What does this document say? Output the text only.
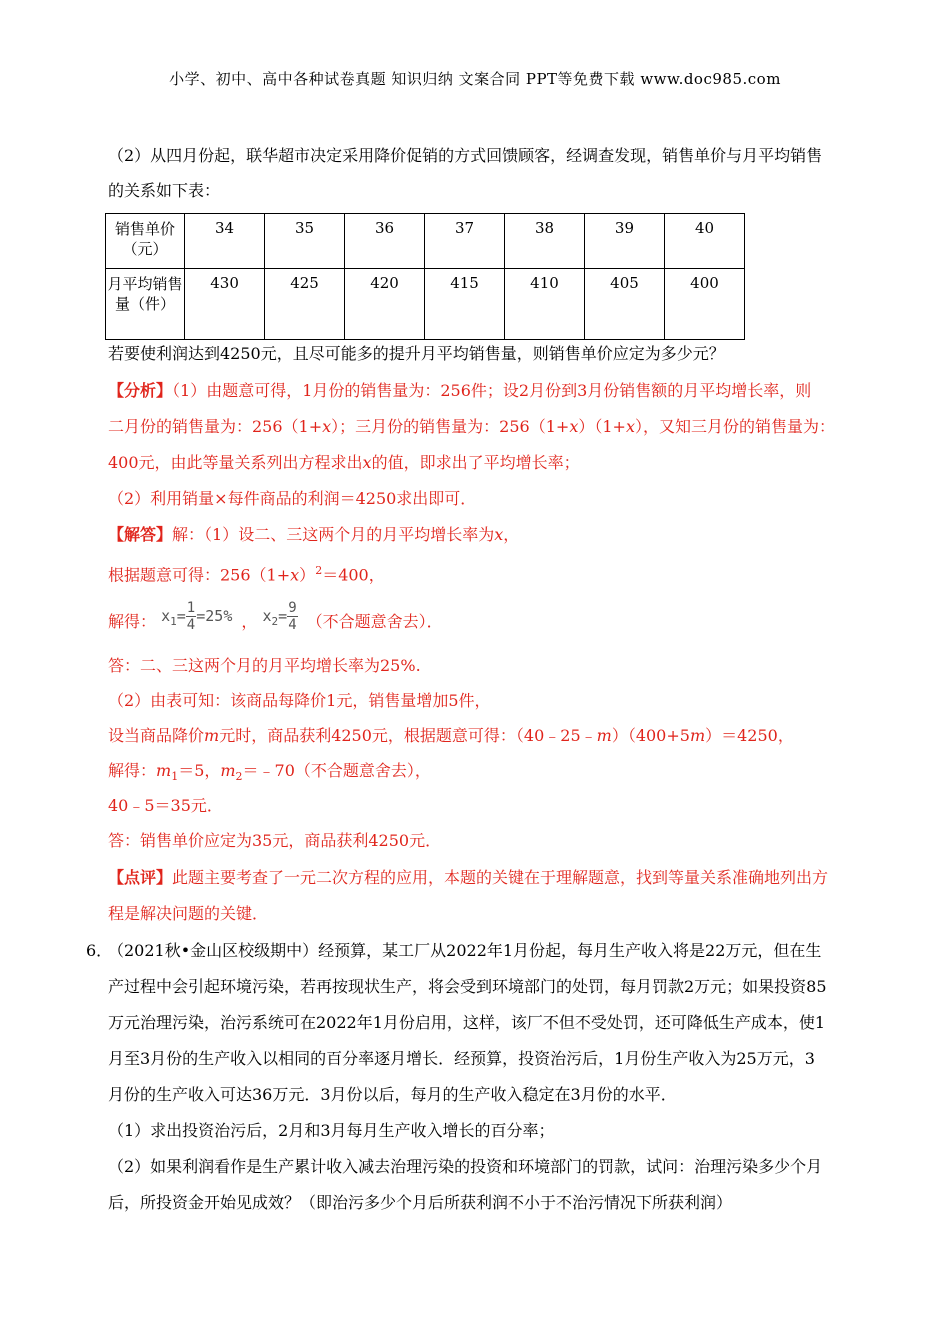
小学、初中、高中各种试卷真题 知识归纳 文案合同 PPT等免费下载 www.doc985.com
（2）从四月份起，联华超市决定采用降价促销的方式回馈顾客，经调查发现，销售单价与月平均销售
的关系如下表：
销售单价（元）	34	35	36	37	38	39	40
月平均销售量（件）	430	425	420	415	410	405	400
若要使利润达到4250元，且尽可能多的提升月平均销售量，则销售单价应定为多少元？
【分析】（1）由题意可得，1月份的销售量为：256件；设2月份到3月份销售额的月平均增长率，则
二月份的销售量为：256（1+x）；三月份的销售量为：256（1+x）（1+x），又知三月份的销售量为：
400元，由此等量关系列出方程求出x的值，即求出了平均增长率；
（2）利用销量×每件商品的利润＝4250求出即可．
【解答】解：（1）设二、三这两个月的月平均增长率为x，
根据题意可得：$256(1+x)^2=400$，
解得： $x_1= \frac{1}{4} =25\%$ ， $x_2= \frac{9}{4}$ （不合题意舍去）．
答：二、三这两个月的月平均增长率为25%.
（2）由表可知：该商品每降价1元，销售量增加5件，
设当商品降价m元时，商品获利4250元，根据题意可得：（40﹣25﹣m）（400+5m）＝4250，
解得：$m_1=5$，$m_2=﹣70$（不合题意舍去），
40﹣5＝35元．
答：销售单价应定为35元，商品获利4250元．
【点评】此题主要考查了一元二次方程的应用，本题的关键在于理解题意，找到等量关系准确地列出方
程是解决问题的关键．
6．
（2021秋•金山区校级期中）经预算，某工厂从2022年1月份起，每月生产收入将是22万元，但在生
产过程中会引起环境污染，若再按现状生产，将会受到环境部门的处罚，每月罚款2万元；如果投资85
万元治理污染，治污系统可在2022年1月份启用，这样，该厂不但不受处罚，还可降低生产成本，使1
月至3月份的生产收入以相同的百分率逐月增长．经预算，投资治污后，1月份生产收入为25万元，3
月份的生产收入可达36万元．3月份以后，每月的生产收入稳定在3月份的水平．
（1）求出投资治污后，2月和3月每月生产收入增长的百分率；
（2）如果利润看作是生产累计收入减去治理污染的投资和环境部门的罚款，试问：治理污染多少个月
后，所投资金开始见成效？（即治污多少个月后所获利润不小于不治污情况下所获利润）
